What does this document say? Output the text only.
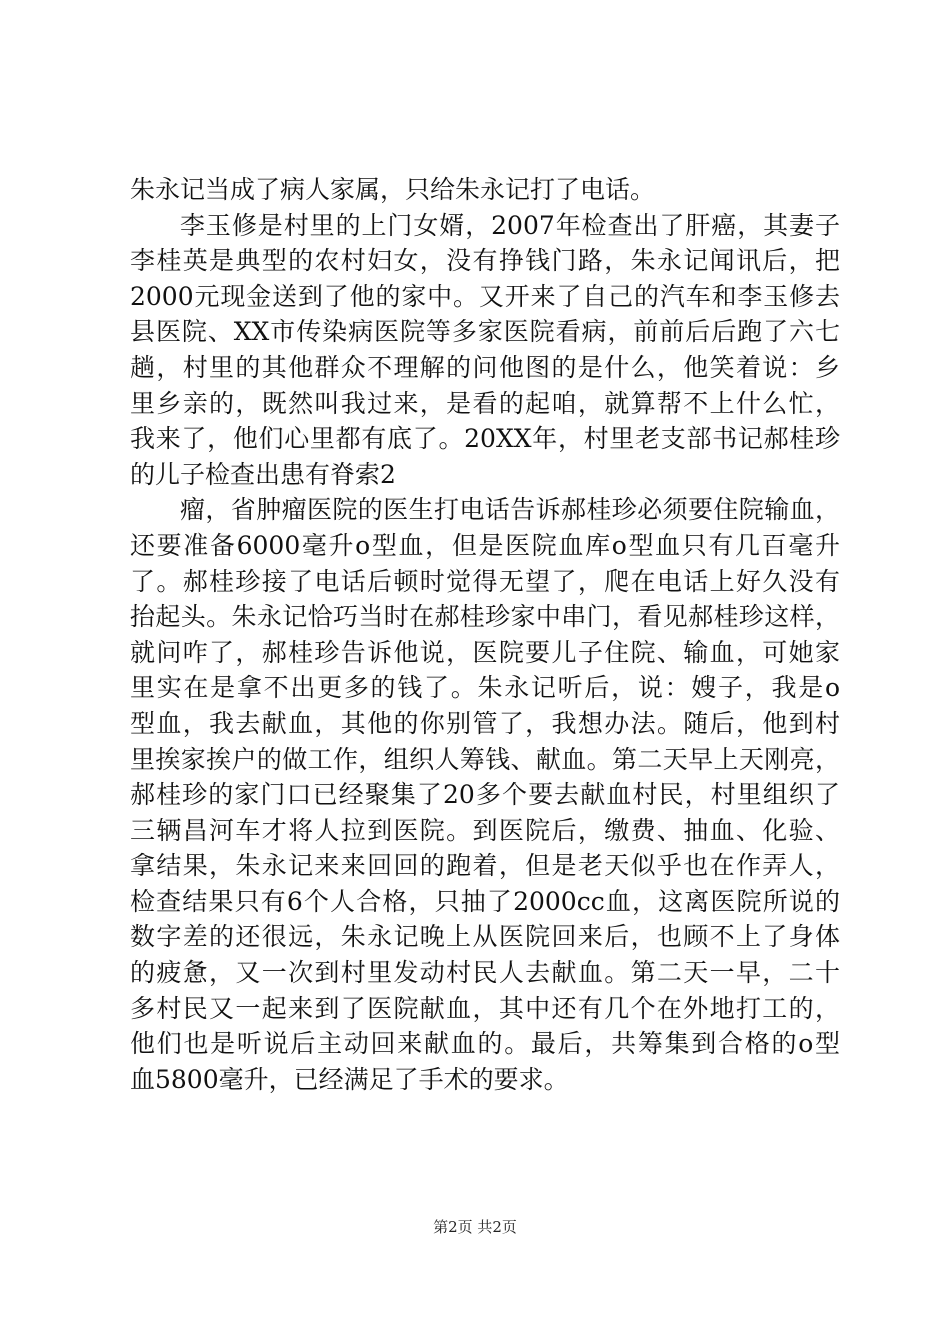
朱永记当成了病人家属，只给朱永记打了电话。
李玉修是村里的上门女婿，2007年检查出了肝癌，其妻子
李桂英是典型的农村妇女，没有挣钱门路，朱永记闻讯后，把
2000元现金送到了他的家中。又开来了自己的汽车和李玉修去
县医院、XX市传染病医院等多家医院看病，前前后后跑了六七
趟，村里的其他群众不理解的问他图的是什么，他笑着说：乡
里乡亲的，既然叫我过来，是看的起咱，就算帮不上什么忙，
我来了，他们心里都有底了。20XX年，村里老支部书记郝桂珍
的儿子检查出患有脊索2
瘤，省肿瘤医院的医生打电话告诉郝桂珍必须要住院输血，
还要准备6000毫升o型血，但是医院血库o型血只有几百毫升
了。郝桂珍接了电话后顿时觉得无望了，爬在电话上好久没有
抬起头。朱永记恰巧当时在郝桂珍家中串门，看见郝桂珍这样，
就问咋了，郝桂珍告诉他说，医院要儿子住院、输血，可她家
里实在是拿不出更多的钱了。朱永记听后，说：嫂子，我是o
型血，我去献血，其他的你别管了，我想办法。随后，他到村
里挨家挨户的做工作，组织人筹钱、献血。第二天早上天刚亮，
郝桂珍的家门口已经聚集了20多个要去献血村民，村里组织了
三辆昌河车才将人拉到医院。到医院后，缴费、抽血、化验、
拿结果，朱永记来来回回的跑着，但是老天似乎也在作弄人，
检查结果只有6个人合格，只抽了2000cc血，这离医院所说的
数字差的还很远，朱永记晚上从医院回来后，也顾不上了身体
的疲惫，又一次到村里发动村民人去献血。第二天一早，二十
多村民又一起来到了医院献血，其中还有几个在外地打工的，
他们也是听说后主动回来献血的。最后，共筹集到合格的o型
血5800毫升，已经满足了手术的要求。
第2页 共2页
